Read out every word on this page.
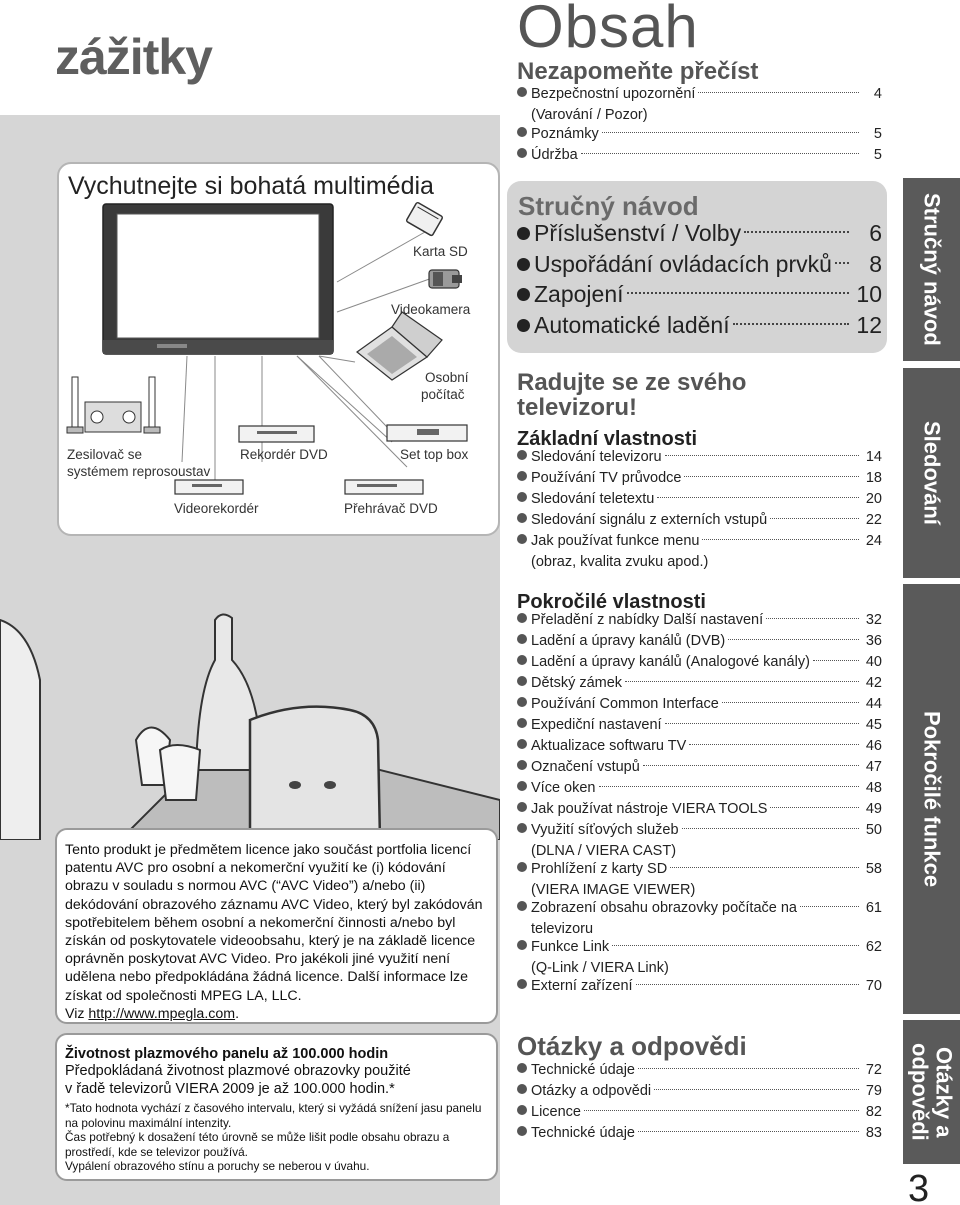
zážitky
Vychutnejte si bohatá multimédia
Karta SD
Videokamera
Osobní
počítač
Zesilovač se
systémem reprosoustav
Rekordér DVD	Set top box
Videorekordér	Přehrávač DVD
Tento produkt je předmětem licence jako součást portfolia licencí patentu AVC pro osobní a nekomerční využití ke (i) kódování obrazu v souladu s normou AVC (“AVC Video”) a/nebo (ii) dekódování obrazového záznamu AVC Video, který byl zakódován spotřebitelem během osobní a nekomerční činnosti a/nebo byl získán od poskytovatele videoobsahu, který je na základě licence oprávněn poskytovat AVC Video. Pro jakékoli jiné využití není udělena nebo předpokládána žádná licence. Další informace lze získat od společnosti MPEG LA, LLC.
Viz http://www.mpegla.com.
Životnost plazmového panelu až 100.000 hodin
Předpokládaná životnost plazmové obrazovky použité
v řadě televizorů VIERA 2009 je až 100.000 hodin.*
*Tato hodnota vychází z časového intervalu, který si vyžádá snížení jasu panelu na polovinu maximální intenzity.
Čas potřebný k dosažení této úrovně se může lišit podle obsahu obrazu a prostředí, kde se televizor používá.
Vypálení obrazového stínu a poruchy se neberou v úvahu.
Obsah
Nezapomeňte přečíst
Bezpečnostní upozornění	4
(Varování / Pozor)
Poznámky	5
Údržba	5
Stručný návod
Příslušenství / Volby	6
Uspořádání ovládacích prvků	8
Zapojení	10
Automatické ladění	12
Radujte se ze svého
televizoru!
Základní vlastnosti
Sledování televizoru	14
Používání TV průvodce	18
Sledování teletextu	20
Sledování signálu z externích vstupů	22
Jak používat funkce menu	24
(obraz, kvalita zvuku apod.)
Pokročilé vlastnosti
Přeladění z nabídky Další nastavení	32
Ladění a úpravy kanálů (DVB)	36
Ladění a úpravy kanálů (Analogové kanály)	40
Dětský zámek	42
Používání Common Interface	44
Expediční nastavení	45
Aktualizace softwaru TV	46
Označení vstupů	47
Více oken	48
Jak používat nástroje VIERA TOOLS	49
Využití síťových služeb	50
(DLNA / VIERA CAST)
Prohlížení z karty SD	58
(VIERA IMAGE VIEWER)
Zobrazení obsahu obrazovky počítače na	61
televizoru
Funkce Link	62
(Q-Link / VIERA Link)
Externí zařízení	70
Otázky a odpovědi
Technické údaje	72
Otázky a odpovědi	79
Licence	82
Technické údaje	83
Stručný návod
Sledování
Pokročilé funkce
Otázky a
odpovědi
3
